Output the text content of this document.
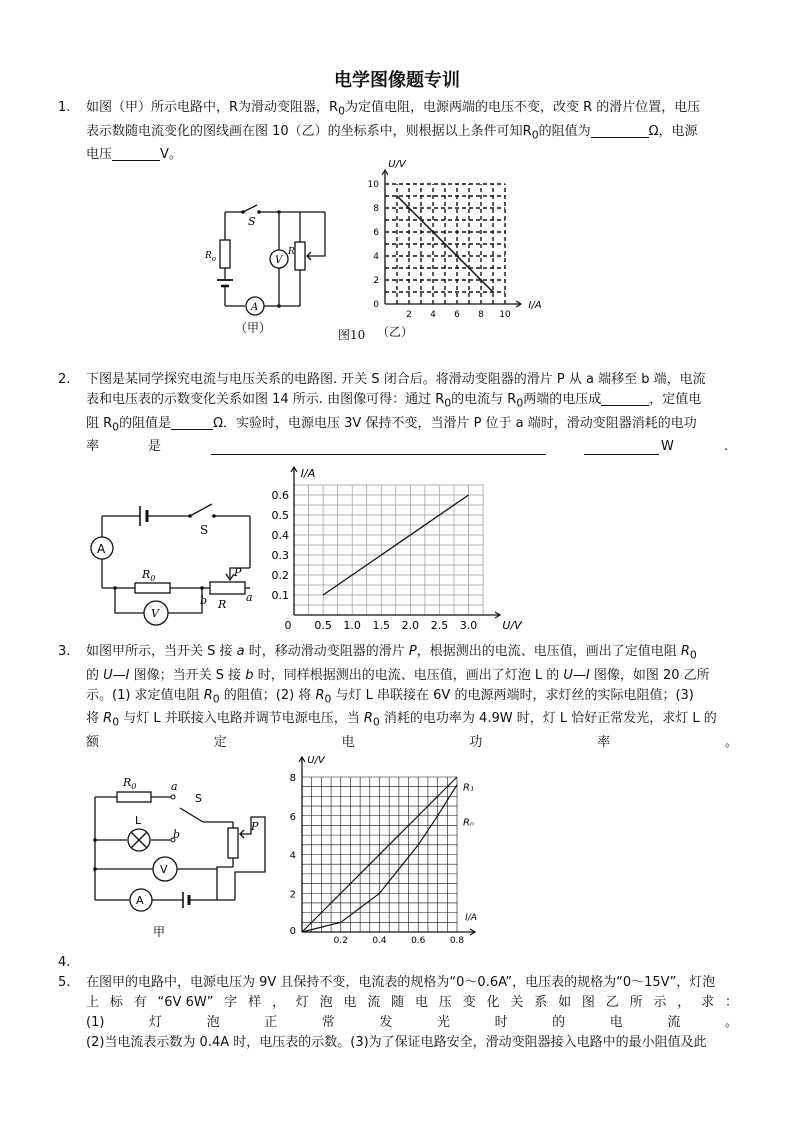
电学图像题专训
1. 如图（甲）所示电路中，R为滑动变阻器，$R_0$为定值电阻，电源两端的电压不变，改变 R 的滑片位置，电压
表示数随电流变化的图线画在图 10（乙）的坐标系中，则根据以上条件可知$R_0$的阻值为	Ω，电源
电压	V。
S
$R_o$	V
R
A
（甲）	图10
2 4 6 8 10
0
2
4
6
8
10
I/A
U/V
（乙）
2. 下图是某同学探究电流与电压关系的电路图. 开关 S 闭合后。将滑动变阻器的滑片 P 从 a 端移至 b 端，电流
表和电压表的示数变化关系如图 14 所示. 由图像可得：通过 $R_0$的电流与 $R_0$两端的电压成	，定值电
阻 $R_0$的阻值是	Ω．实验时，电源电压 3V 保持不变，当滑片 P 位于 a 端时，滑动变阻器消耗的电功
率	是	W	.
A
S
$R_0$
V
P
b R
a
0 0.5 1.0 1.5 2.0 2.5 3.0
0.1
0.2
0.3
0.4
0.5
0.6
U/V
I/A
3. 如图甲所示，当开关 S 接 a 时，移动滑动变阻器的滑片 P，根据测出的电流、电压值，画出了定值电阻 $R_0$
的 U—I 图像；当开关 S 接 b 时，同样根据测出的电流、电压值，画出了灯泡 L 的 U—I 图像，如图 20 乙所
示。(1) 求定值电阻 $R_0$ 的阻值；(2) 将 $R_0$ 与灯 L 串联接在 6V 的电源两端时，求灯丝的实际电阻值；(3)
将 $R_0$ 与灯 L 并联接入电路并调节电源电压，当 $R_0$ 消耗的电功率为 4.9W 时，灯 L 恰好正常发光，求灯 L 的
额	定	电	功	率	。
$R_0$	a
S
L
b
P
V
A
甲
0.2	0.4	0.6	0.8
0
2
4
6
8
I/A
U/V
R₁
Rₙ
4.
5. 在图甲的电路中，电源电压为 9V 且保持不变，电流表的规格为“0～0.6A”，电压表的规格为“0～15V”，灯泡
上 标 有 “6V 6W” 字 样 ， 灯 泡 电 流 随 电 压 变 化 关 系 如 图 乙 所 示 ， 求 ：
(1)	灯	泡	正	常	发	光	时	的	电	流	。
(2)当电流表示数为 0.4A 时，电压表的示数。(3)为了保证电路安全，滑动变阻器接入电路中的最小阻值及此
